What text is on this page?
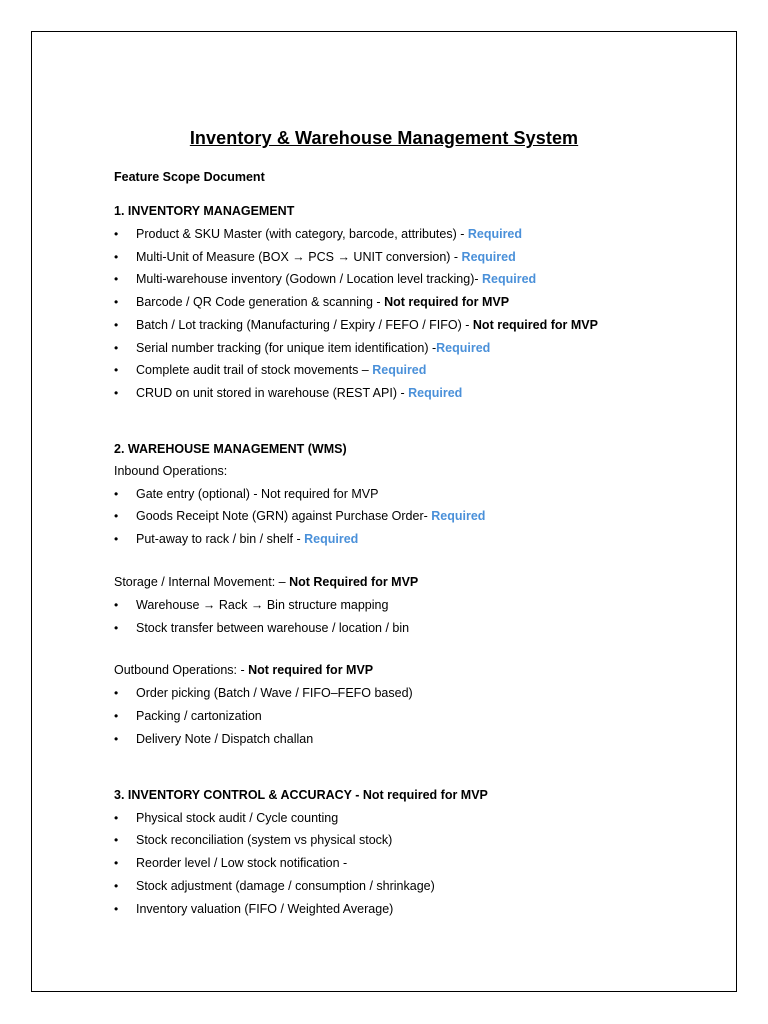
Inventory & Warehouse Management System
Feature Scope Document
1. INVENTORY MANAGEMENT
• Product & SKU Master (with category, barcode, attributes) - Required
• Multi-Unit of Measure (BOX → PCS → UNIT conversion) - Required
• Multi-warehouse inventory (Godown / Location level tracking)- Required
• Barcode / QR Code generation & scanning - Not required for MVP
• Batch / Lot tracking (Manufacturing / Expiry / FEFO / FIFO) - Not required for MVP
• Serial number tracking (for unique item identification) -Required
• Complete audit trail of stock movements – Required
• CRUD on unit stored in warehouse (REST API) - Required
2. WAREHOUSE MANAGEMENT (WMS)
Inbound Operations:
• Gate entry (optional) - Not required for MVP
• Goods Receipt Note (GRN) against Purchase Order- Required
• Put-away to rack / bin / shelf - Required
Storage / Internal Movement: – Not Required for MVP
• Warehouse → Rack → Bin structure mapping
• Stock transfer between warehouse / location / bin
Outbound Operations: - Not required for MVP
• Order picking (Batch / Wave / FIFO–FEFO based)
• Packing / cartonization
• Delivery Note / Dispatch challan
3. INVENTORY CONTROL & ACCURACY - Not required for MVP
• Physical stock audit / Cycle counting
• Stock reconciliation (system vs physical stock)
• Reorder level / Low stock notification -
• Stock adjustment (damage / consumption / shrinkage)
• Inventory valuation (FIFO / Weighted Average)
